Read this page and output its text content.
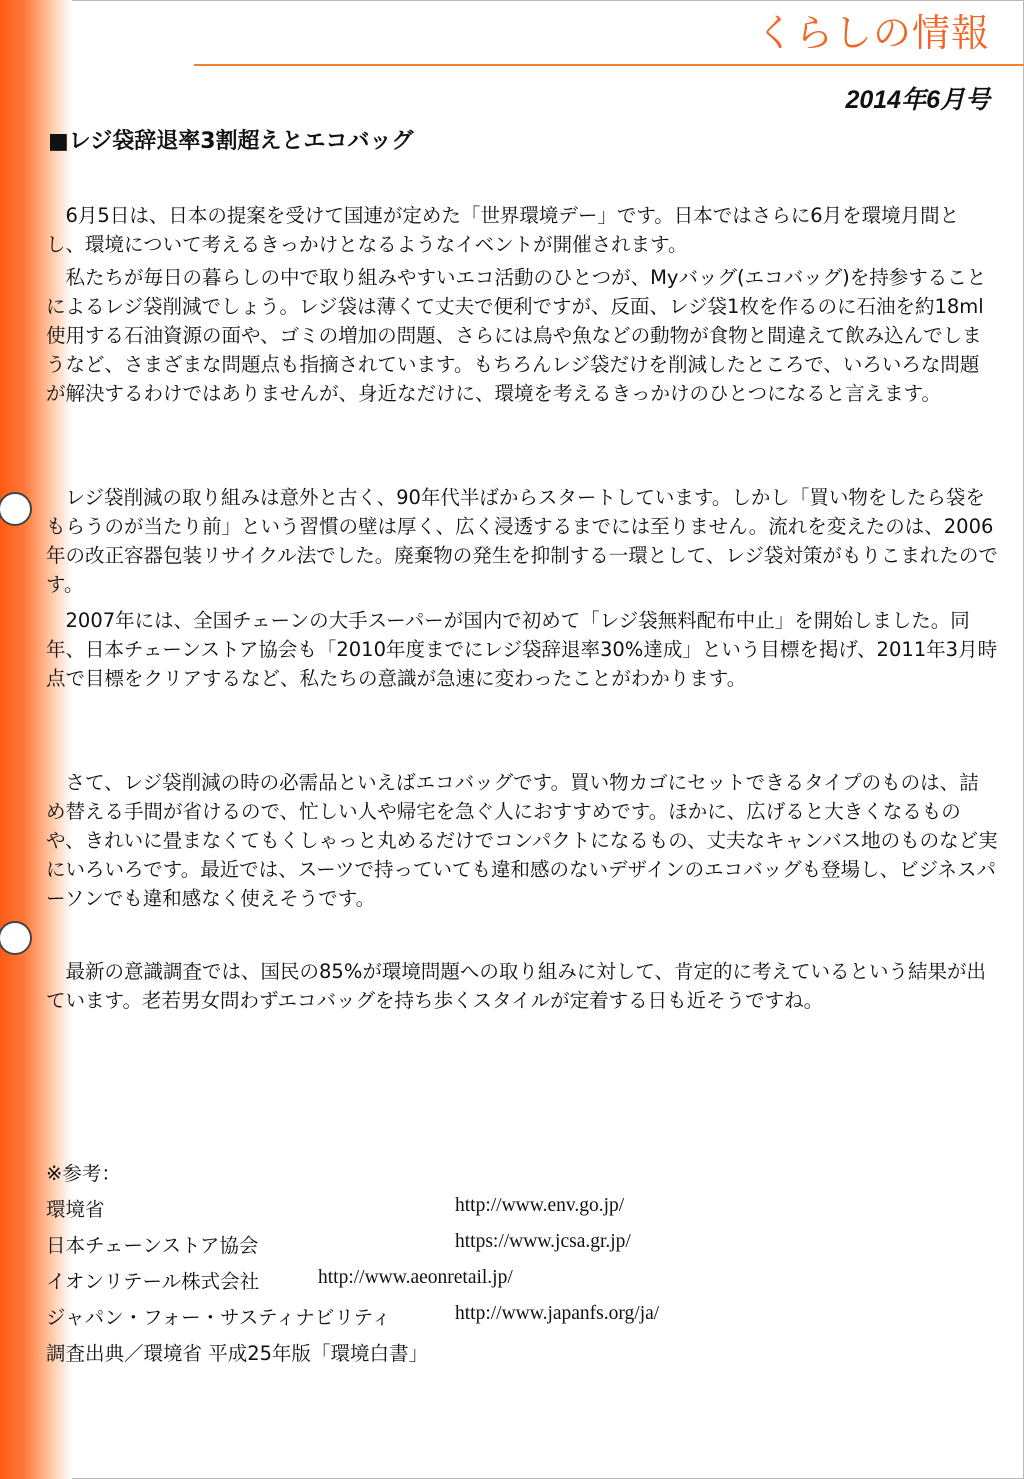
くらしの情報
2014年6月号
■レジ袋辞退率3割超えとエコバッグ

6月5日は、日本の提案を受けて国連が定めた「世界環境デー」です。日本ではさらに6月を環境月間とし、環境について考えるきっかけとなるようなイベントが開催されます。

私たちが毎日の暮らしの中で取り組みやすいエコ活動のひとつが、Myバッグ(エコバッグ)を持参することによるレジ袋削減でしょう。レジ袋は薄くて丈夫で便利ですが、反面、レジ袋1枚を作るのに石油を約18ml使用する石油資源の面や、ゴミの増加の問題、さらには鳥や魚などの動物が食物と間違えて飲み込んでしまうなど、さまざまな問題点も指摘されています。もちろんレジ袋だけを削減したところで、いろいろな問題が解決するわけではありませんが、身近なだけに、環境を考えるきっかけのひとつになると言えます。

レジ袋削減の取り組みは意外と古く、90年代半ばからスタートしています。しかし「買い物をしたら袋をもらうのが当たり前」という習慣の壁は厚く、広く浸透するまでには至りません。流れを変えたのは、2006年の改正容器包装リサイクル法でした。廃棄物の発生を抑制する一環として、レジ袋対策がもりこまれたのです。

2007年には、全国チェーンの大手スーパーが国内で初めて「レジ袋無料配布中止」を開始しました。同年、日本チェーンストア協会も「2010年度までにレジ袋辞退率30%達成」という目標を掲げ、2011年3月時点で目標をクリアするなど、私たちの意識が急速に変わったことがわかります。

さて、レジ袋削減の時の必需品といえばエコバッグです。買い物カゴにセットできるタイプのものは、詰め替える手間が省けるので、忙しい人や帰宅を急ぐ人におすすめです。ほかに、広げると大きくなるものや、きれいに畳まなくてもくしゃっと丸めるだけでコンパクトになるもの、丈夫なキャンバス地のものなど実にいろいろです。最近では、スーツで持っていても違和感のないデザインのエコバッグも登場し、ビジネスパーソンでも違和感なく使えそうです。

最新の意識調査では、国民の85%が環境問題への取り組みに対して、肯定的に考えているという結果が出ています。老若男女問わずエコバッグを持ち歩くスタイルが定着する日も近そうですね。

※参考：
環境省	http://www.env.go.jp/
日本チェーンストア協会	https://www.jcsa.gr.jp/
イオンリテール株式会社	http://www.aeonretail.jp/
ジャパン・フォー・サスティナビリティ	http://www.japanfs.org/ja/
調査出典／環境省 平成25年版「環境白書」
